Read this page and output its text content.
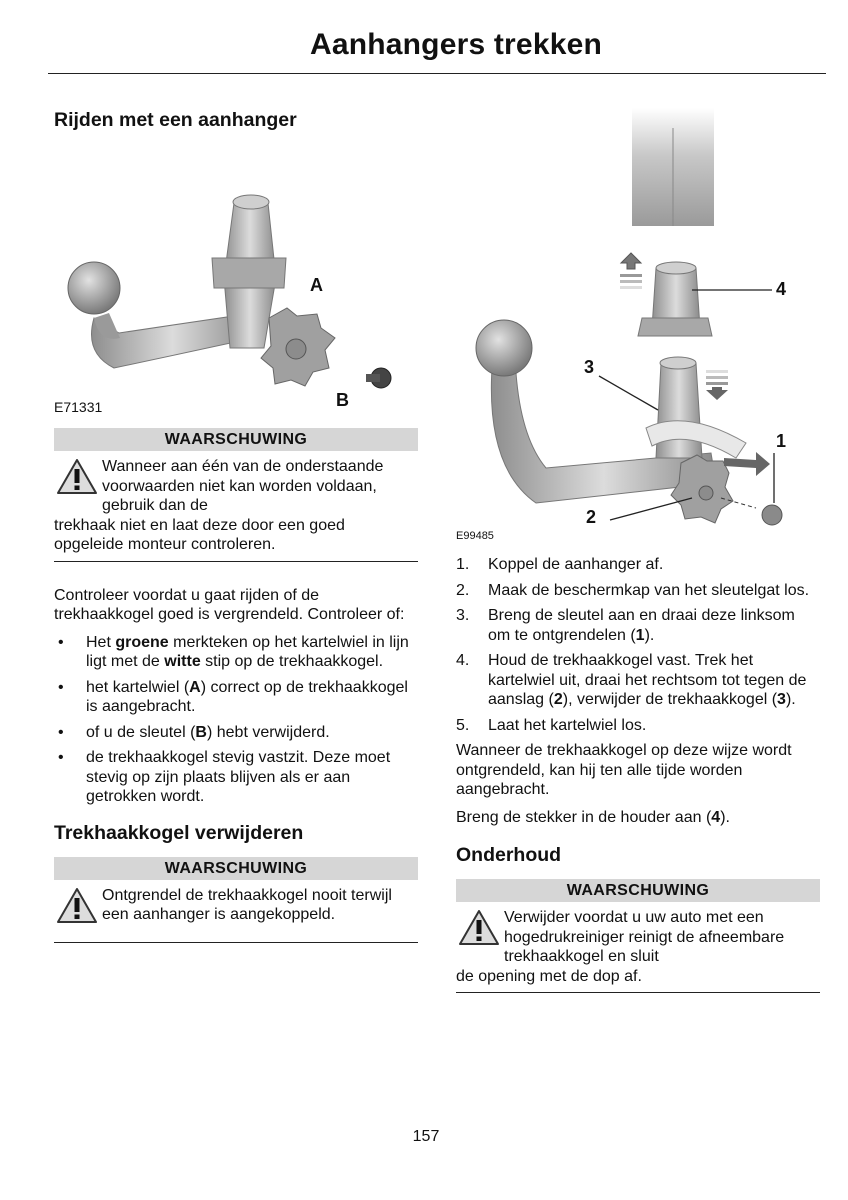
Aanhangers trekken
Rijden met een aanhanger
A
B
E71331
WAARSCHUWING
Wanneer aan één van de onderstaande voorwaarden niet kan worden voldaan, gebruik dan de
trekhaak niet en laat deze door een goed opgeleide monteur controleren.

Controleer voordat u gaat rijden of de trekhaakkogel goed is vergrendeld. Controleer of:

• Het groene merkteken op het kartelwiel in lijn ligt met de witte stip op de trekhaakkogel.
• het kartelwiel (A) correct op de trekhaakkogel is aangebracht.
• of u de sleutel (B) hebt verwijderd.
• de trekhaakkogel stevig vastzit. Deze moet stevig op zijn plaats blijven als er aan getrokken wordt.
Trekhaakkogel verwijderen
WAARSCHUWING
Ontgrendel de trekhaakkogel nooit terwijl een aanhanger is aangekoppeld.
1
2
3
4
E99485
1. Koppel de aanhanger af.
2. Maak de beschermkap van het sleutelgat los.
3. Breng de sleutel aan en draai deze linksom om te ontgrendelen (1).
4. Houd de trekhaakkogel vast. Trek het kartelwiel uit, draai het rechtsom tot tegen de aanslag (2), verwijder de trekhaakkogel (3).
5. Laat het kartelwiel los.

Wanneer de trekhaakkogel op deze wijze wordt ontgrendeld, kan hij ten alle tijde worden aangebracht.

Breng de stekker in de houder aan (4).

Onderhoud
WAARSCHUWING
Verwijder voordat u uw auto met een hogedrukreiniger reinigt de afneembare trekhaakkogel en sluit
de opening met de dop af.
157
